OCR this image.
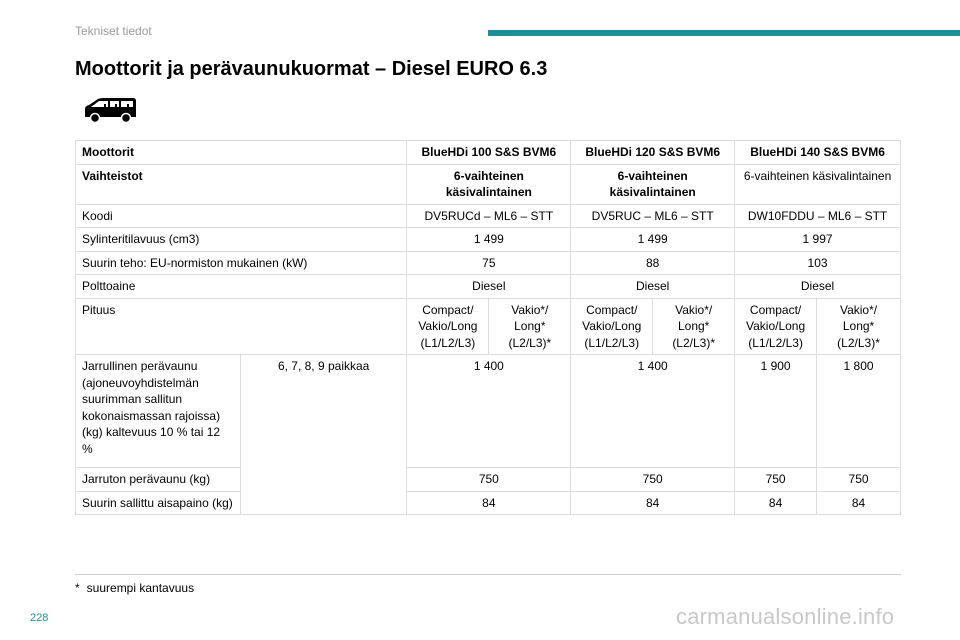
Tekniset tiedot
Moottorit ja perävaunukuormat – Diesel EURO 6.3
Moottorit		BlueHDi 100 S&S BVM6		BlueHDi 120 S&S BVM6		BlueHDi 140 S&S BVM6	
Vaihteistot		6-vaihteinen käsivalintainen		6-vaihteinen käsivalintainen		6-vaihteinen käsivalintainen	
Koodi		DV5RUCd – ML6 – STT		DV5RUC – ML6 – STT		DW10FDDU – ML6 – STT	
Sylinteritilavuus (cm3)		1 499		1 499		1 997	
Suurin teho: EU-normiston mukainen (kW)		75		88		103	
Polttoaine		Diesel		Diesel		Diesel	
Pituus		Compact/ Vakio/Long (L1/L2/L3)	Vakio*/ Long* (L2/L3)*	Compact/ Vakio/Long (L1/L2/L3)	Vakio*/ Long* (L2/L3)*	Compact/ Vakio/Long (L1/L2/L3)	Vakio*/ Long* (L2/L3)*
Jarrullinen perävaunu (ajoneuvoyhdistelmän suurimman sallitun kokonaismassan rajoissa) (kg) kaltevuus 10 % tai 12 %	6, 7, 8, 9 paikkaa	1 400		1 400		1 900	1 800
Jarruton perävaunu (kg)		750		750		750	750
Suurin sallittu aisapaino (kg)		84		84		84	84
* suurempi kantavuus
228	carmanualsonline.info
